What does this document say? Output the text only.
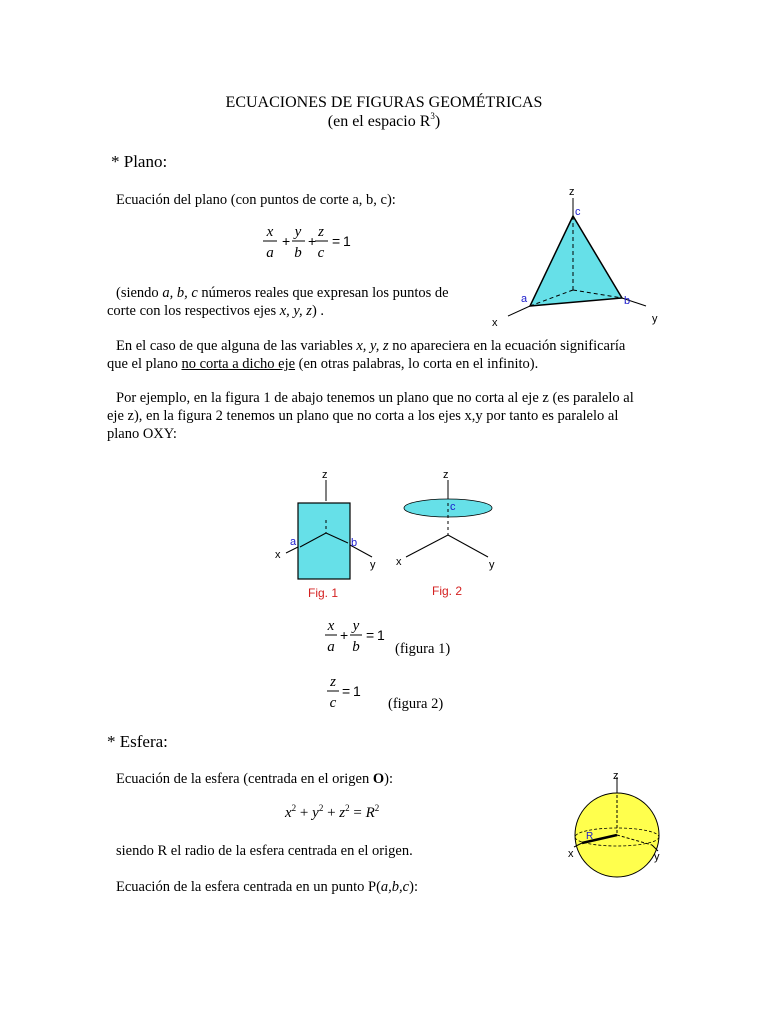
ECUACIONES DE FIGURAS GEOMÉTRICAS
(en el espacio $R^3$)
* Plano:
Ecuación del plano (con puntos de corte a, b, c):
x
a
+
y
b
+
z
c
= 1
(siendo a, b, c números reales que expresan los puntos de
corte con los respectivos ejes x, y, z) .
z
c
a	b
x	y
En el caso de que alguna de las variables x, y, z no apareciera en la ecuación significaría
que el plano no corta a dicho eje (en otras palabras, lo corta en el infinito).
Por ejemplo, en la figura 1 de abajo tenemos un plano que no corta al eje z (es paralelo al
eje z), en la figura 2 tenemos un plano que no corta a los ejes x,y por tanto es paralelo al
plano OXY:
z
a	b
x
y
Fig. 1
z
c
x	y
Fig. 2
x
a
+
y
b
= 1
(figura 1)
z
c
= 1
(figura 2)
* Esfera:
Ecuación de la esfera (centrada en el origen O):
$x^2 + y^2 + z^2 = R^2$
siendo R el radio de la esfera centrada en el origen.
Ecuación de la esfera centrada en un punto P(a,b,c):
z
R
x	y
